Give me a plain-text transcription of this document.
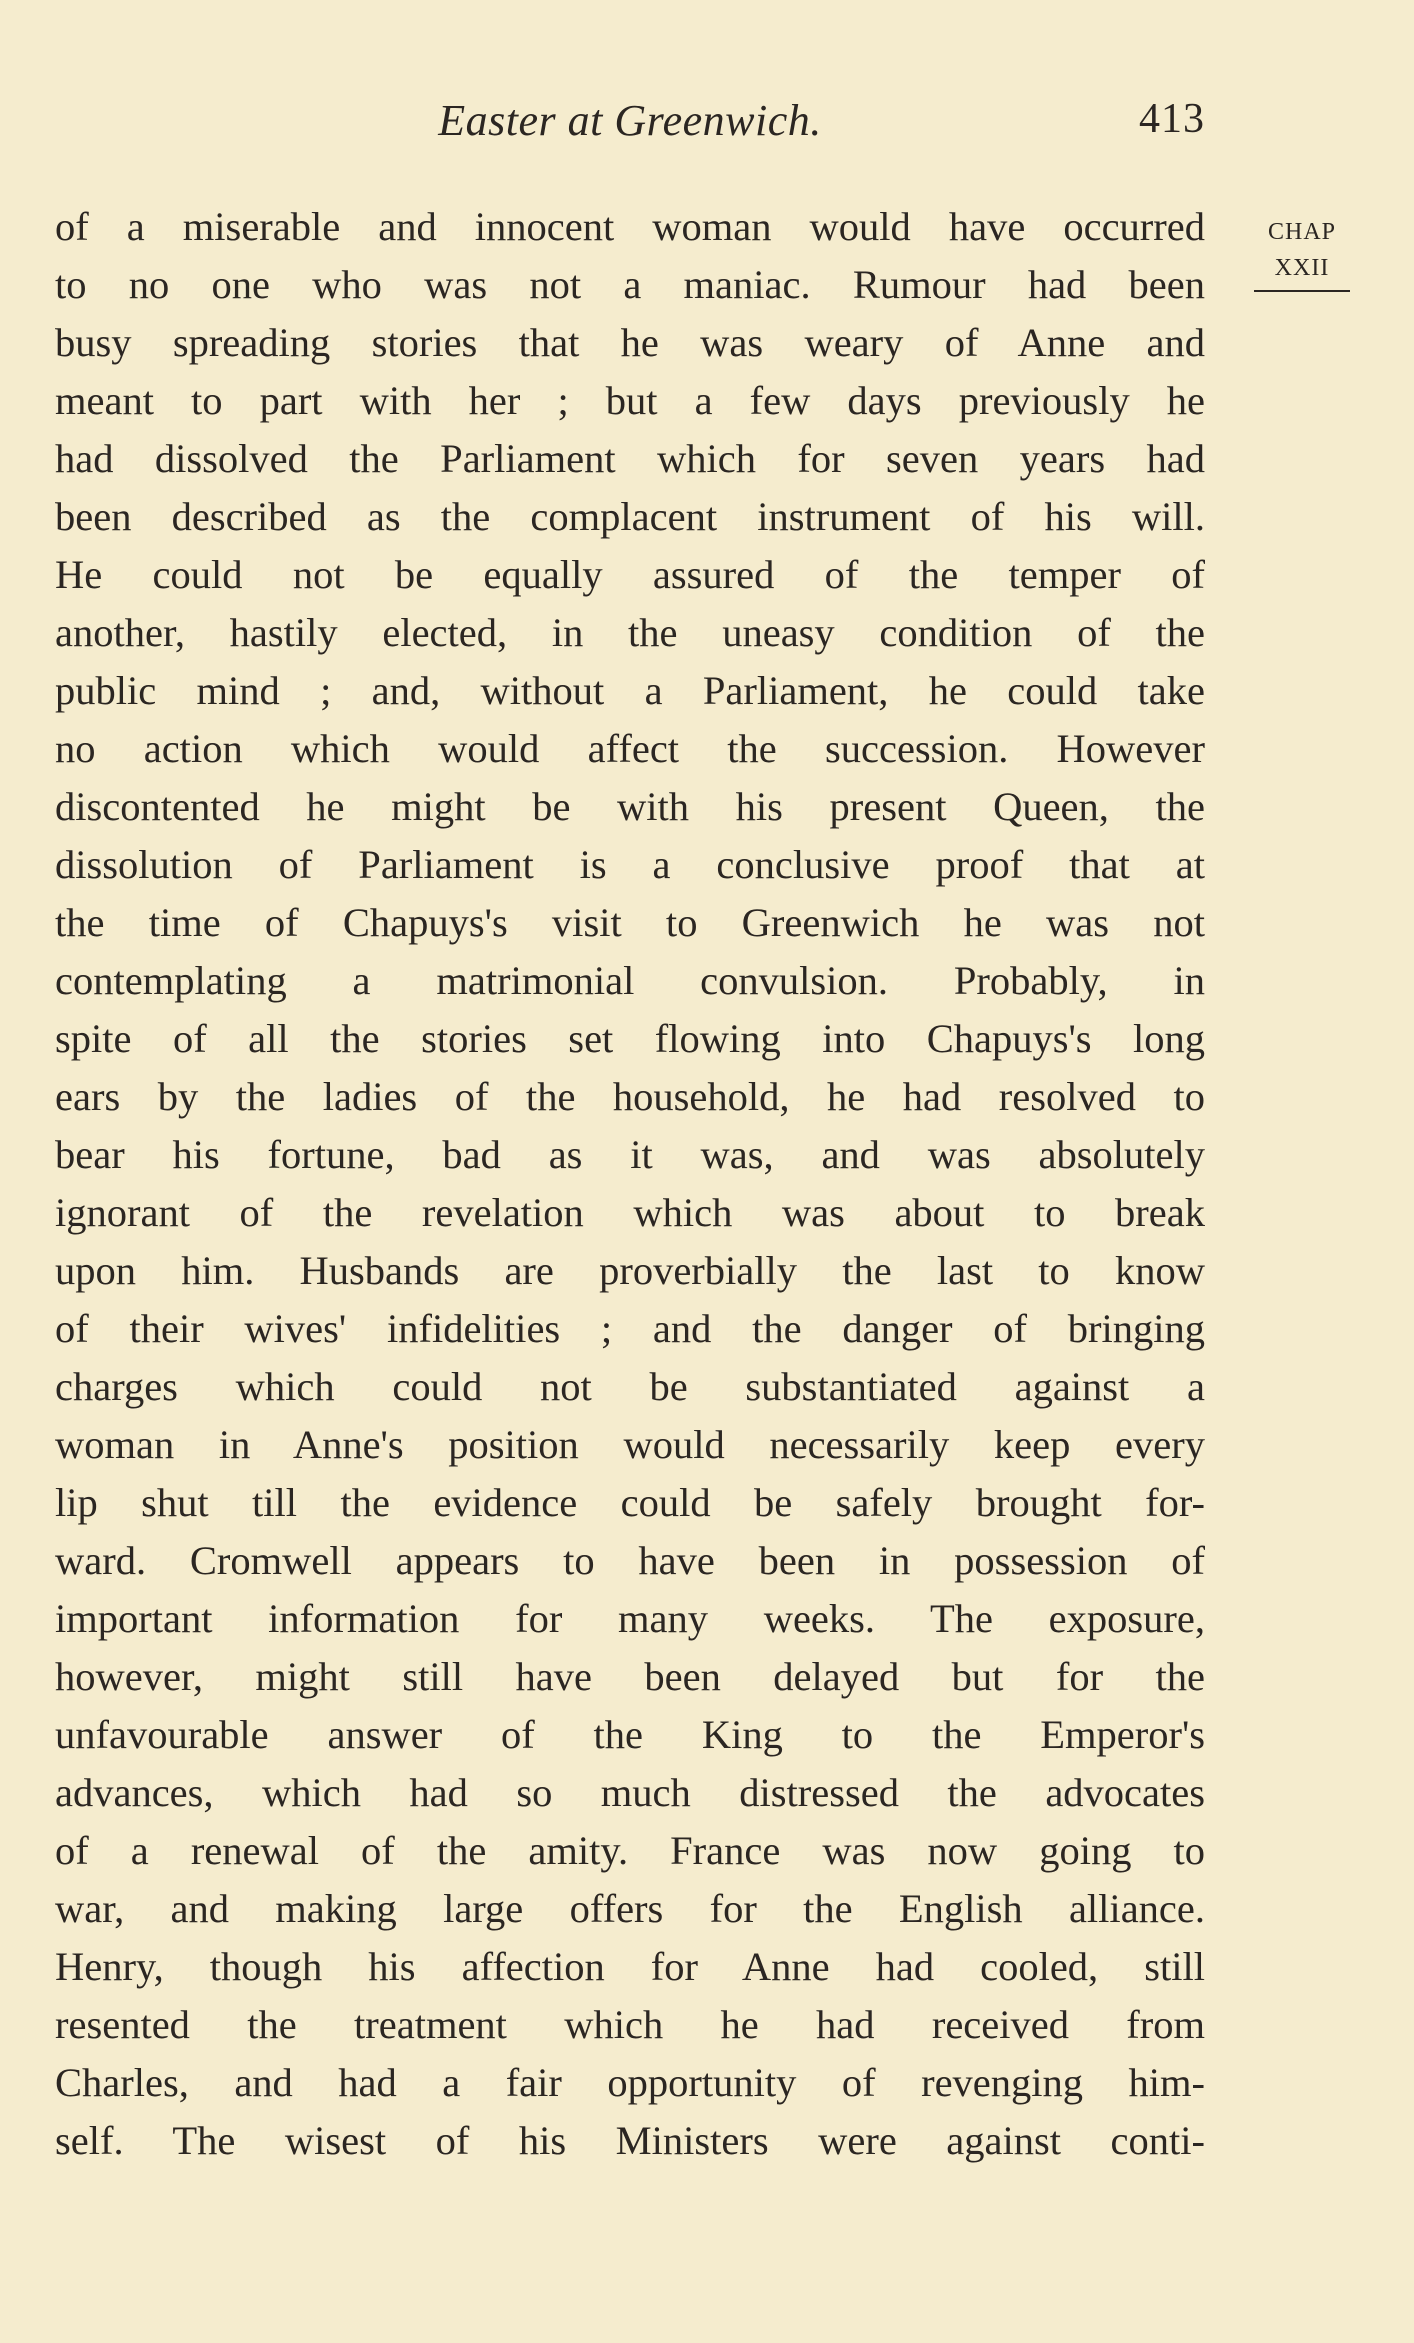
Easter at Greenwich.	413
CHAP
XXII
of a miserable and innocent woman would have occurred
to no one who was not a maniac. Rumour had been
busy spreading stories that he was weary of Anne and
meant to part with her ; but a few days previously he
had dissolved the Parliament which for seven years had
been described as the complacent instrument of his will.
He could not be equally assured of the temper of
another, hastily elected, in the uneasy condition of the
public mind ; and, without a Parliament, he could take
no action which would affect the succession. However
discontented he might be with his present Queen, the
dissolution of Parliament is a conclusive proof that at
the time of Chapuys's visit to Greenwich he was not
contemplating a matrimonial convulsion. Probably, in
spite of all the stories set flowing into Chapuys's long
ears by the ladies of the household, he had resolved to
bear his fortune, bad as it was, and was absolutely
ignorant of the revelation which was about to break
upon him. Husbands are proverbially the last to know
of their wives' infidelities ; and the danger of bringing
charges which could not be substantiated against a
woman in Anne's position would necessarily keep every
lip shut till the evidence could be safely brought for-
ward. Cromwell appears to have been in possession of
important information for many weeks. The exposure,
however, might still have been delayed but for the
unfavourable answer of the King to the Emperor's
advances, which had so much distressed the advocates
of a renewal of the amity. France was now going to
war, and making large offers for the English alliance.
Henry, though his affection for Anne had cooled, still
resented the treatment which he had received from
Charles, and had a fair opportunity of revenging him-
self. The wisest of his Ministers were against conti-
